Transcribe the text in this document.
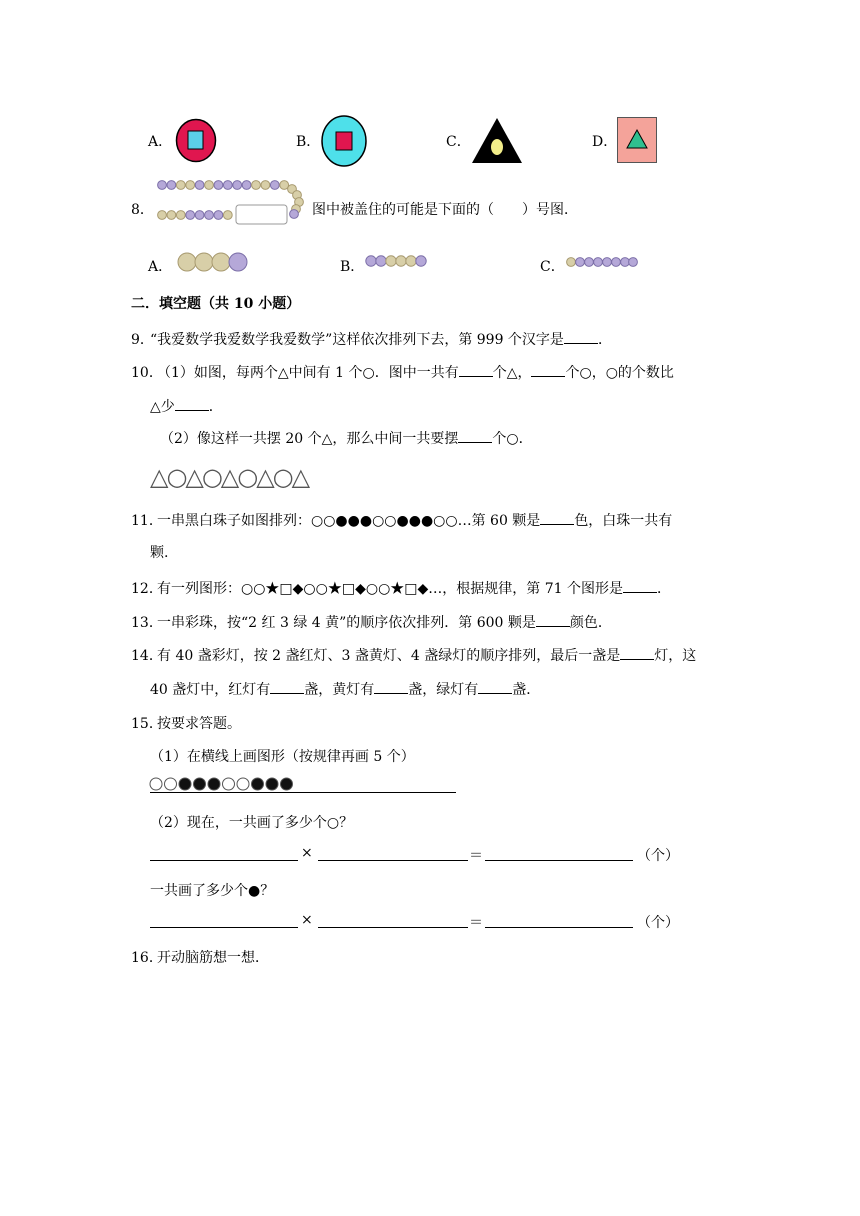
A．	B．	C．	D．
8．	图中被盖住的可能是下面的（　　）号图．
A．	B．	C．
二．填空题（共 10 小题）
9．
“我爱数学我爱数学我爱数学”这样依次排列下去，第 999 个汉字是 ．
10．
（1）如图，每两个△中间有 1 个○．图中一共有 个△， 个○，○的个数比
△少 ．
（2）像这样一共摆 20 个△，那么中间一共要摆 个○．
△○△○△○△○△
11．
一串黑白珠子如图排列：○○●●●○○●●●○○…第 60 颗是 色，白珠一共有
颗.
12．
有一列图形：○○★□◆○○★□◆○○★□◆…，根据规律，第 71 个图形是 ．
13．
一串彩珠，按“2 红 3 绿 4 黄”的顺序依次排列．第 600 颗是 颜色．
14．
有 40 盏彩灯，按 2 盏红灯、3 盏黄灯、4 盏绿灯的顺序排列，最后一盏是 灯，这
40 盏灯中，红灯有 盏，黄灯有 盏，绿灯有 盏．
15．
按要求答题。
（1）在横线上画图形（按规律再画 5 个）
（2）现在，一共画了多少个○？
×	＝	（个）
一共画了多少个●？
×	＝	（个）
16．
开动脑筋想一想．
